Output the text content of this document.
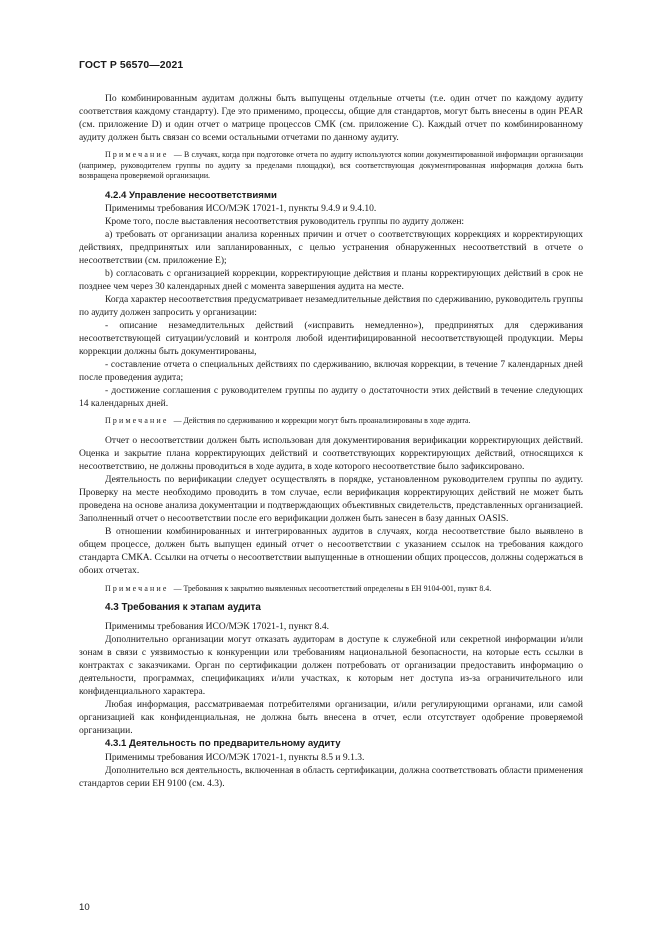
ГОСТ Р 56570—2021

По комбинированным аудитам должны быть выпущены отдельные отчеты (т.е. один отчет по каждому аудиту соответствия каждому стандарту). Где это применимо, процессы, общие для стандартов, могут быть внесены в один PEAR (см. приложение D) и один отчет о матрице процессов СМК (см. приложение C). Каждый отчет по комбинированному аудиту должен быть связан со всеми остальными отчетами по данному аудиту.

Примечание — В случаях, когда при подготовке отчета по аудиту используются копии документированной информации организации (например, руководителем группы по аудиту за пределами площадки), вся соответствующая документированная информация должна быть возвращена проверяемой организации.

4.2.4 Управление несоответствиями

Применимы требования ИСО/МЭК 17021-1, пункты 9.4.9 и 9.4.10.

Кроме того, после выставления несоответствия руководитель группы по аудиту должен:

а) требовать от организации анализа коренных причин и отчет о соответствующих коррекциях и корректирующих действиях, предпринятых или запланированных, с целью устранения обнаруженных несоответствий в отчете о несоответствии (см. приложение E);

b) согласовать с организацией коррекции, корректирующие действия и планы корректирующих действий в срок не позднее чем через 30 календарных дней с момента завершения аудита на месте.

Когда характер несоответствия предусматривает незамедлительные действия по сдерживанию, руководитель группы по аудиту должен запросить у организации:

- описание незамедлительных действий («исправить немедленно»), предпринятых для сдерживания несоответствующей ситуации/условий и контроля любой идентифицированной несоответствующей продукции. Меры коррекции должны быть документированы,

- составление отчета о специальных действиях по сдерживанию, включая коррекции, в течение 7 календарных дней после проведения аудита;

- достижение соглашения с руководителем группы по аудиту о достаточности этих действий в течение следующих 14 календарных дней.

Примечание — Действия по сдерживанию и коррекции могут быть проанализированы в ходе аудита.

Отчет о несоответствии должен быть использован для документирования верификации корректирующих действий. Оценка и закрытие плана корректирующих действий и соответствующих корректирующих действий, относящихся к несоответствию, не должны проводиться в ходе аудита, в ходе которого несоответствие было зафиксировано.

Деятельность по верификации следует осуществлять в порядке, установленном руководителем группы по аудиту. Проверку на месте необходимо проводить в том случае, если верификация корректирующих действий не может быть проведена на основе анализа документации и подтверждающих объективных свидетельств, представленных организацией. Заполненный отчет о несоответствии после его верификации должен быть занесен в базу данных OASIS.

В отношении комбинированных и интегрированных аудитов в случаях, когда несоответствие было выявлено в общем процессе, должен быть выпущен единый отчет о несоответствии с указанием ссылок на требования каждого стандарта СМКА. Ссылки на отчеты о несоответствии выпущенные в отношении общих процессов, должны содержаться в обоих отчетах.

Примечание — Требования к закрытию выявленных несоответствий определены в ЕН 9104-001, пункт 8.4.

4.3 Требования к этапам аудита

Применимы требования ИСО/МЭК 17021-1, пункт 8.4.

Дополнительно организации могут отказать аудиторам в доступе к служебной или секретной информации и/или зонам в связи с уязвимостью к конкуренции или требованиям национальной безопасности, на которые есть ссылки в контрактах с заказчиками. Орган по сертификации должен потребовать от организации предоставить информацию о деятельности, программах, спецификациях и/или участках, к которым нет доступа из-за ограничительного или конфиденциального характера.

Любая информация, рассматриваемая потребителями организации, и/или регулирующими органами, или самой организацией как конфиденциальная, не должна быть внесена в отчет, если отсутствует одобрение проверяемой организации.

4.3.1 Деятельность по предварительному аудиту

Применимы требования ИСО/МЭК 17021-1, пункты 8.5 и 9.1.3.

Дополнительно вся деятельность, включенная в область сертификации, должна соответствовать области применения стандартов серии ЕН 9100 (см. 4.3).

10
